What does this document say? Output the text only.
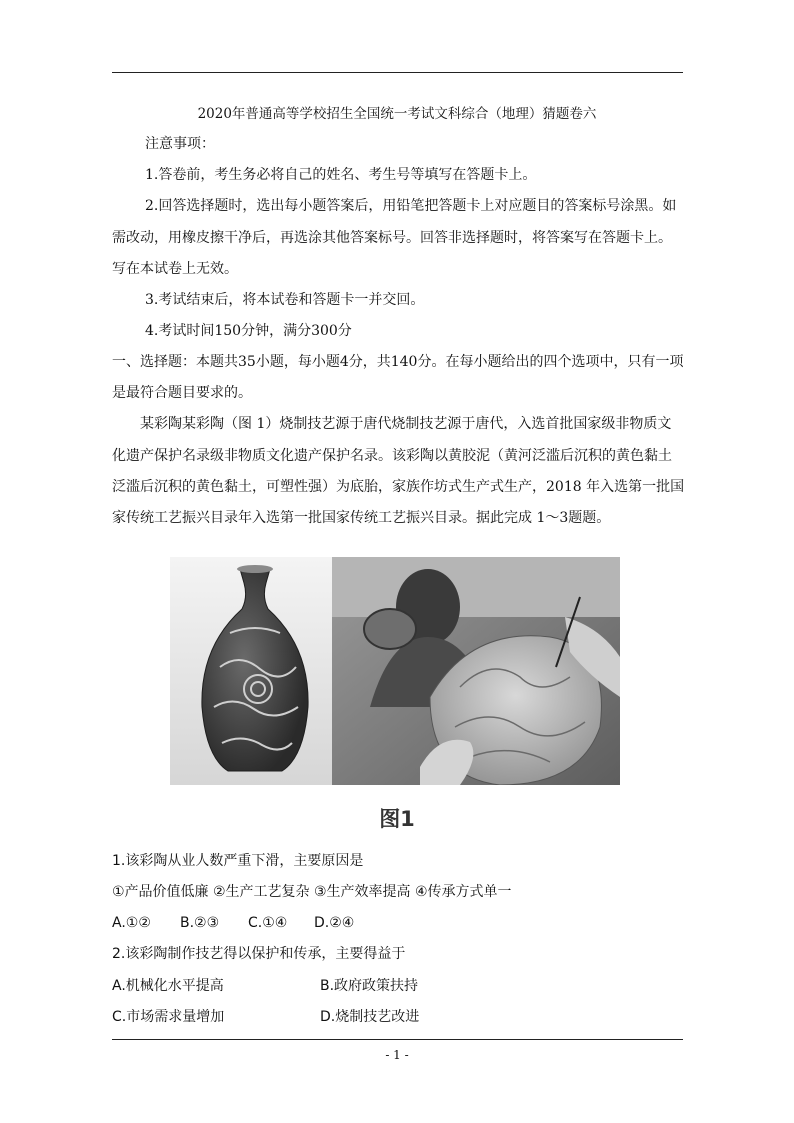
2020年普通高等学校招生全国统一考试文科综合（地理）猜题卷六
注意事项：
1.答卷前，考生务必将自己的姓名、考生号等填写在答题卡上。
2.回答选择题时，选出每小题答案后，用铅笔把答题卡上对应题目的答案标号涂黑。如
需改动，用橡皮擦干净后，再选涂其他答案标号。回答非选择题时，将答案写在答题卡上。
写在本试卷上无效。
3.考试结束后，将本试卷和答题卡一并交回。
4.考试时间150分钟，满分300分
一、选择题：本题共35小题，每小题4分，共140分。在每小题给出的四个选项中，只有一项
是最符合题目要求的。
某彩陶某彩陶（图 1）烧制技艺源于唐代烧制技艺源于唐代，入选首批国家级非物质文
化遗产保护名录级非物质文化遗产保护名录。该彩陶以黄胶泥（黄河泛滥后沉积的黄色黏土
泛滥后沉积的黄色黏土，可塑性强）为底胎，家族作坊式生产式生产，2018 年入选第一批国
家传统工艺振兴目录年入选第一批国家传统工艺振兴目录。据此完成 1～3题题。
图1
1.该彩陶从业人数严重下滑，主要原因是
①产品价值低廉 ②生产工艺复杂 ③生产效率提高 ④传承方式单一
A.①② B.②③ C.①④ D.②④
2.该彩陶制作技艺得以保护和传承，主要得益于
A.机械化水平提高	B.政府政策扶持
C.市场需求量增加	D.烧制技艺改进
- 1 -
